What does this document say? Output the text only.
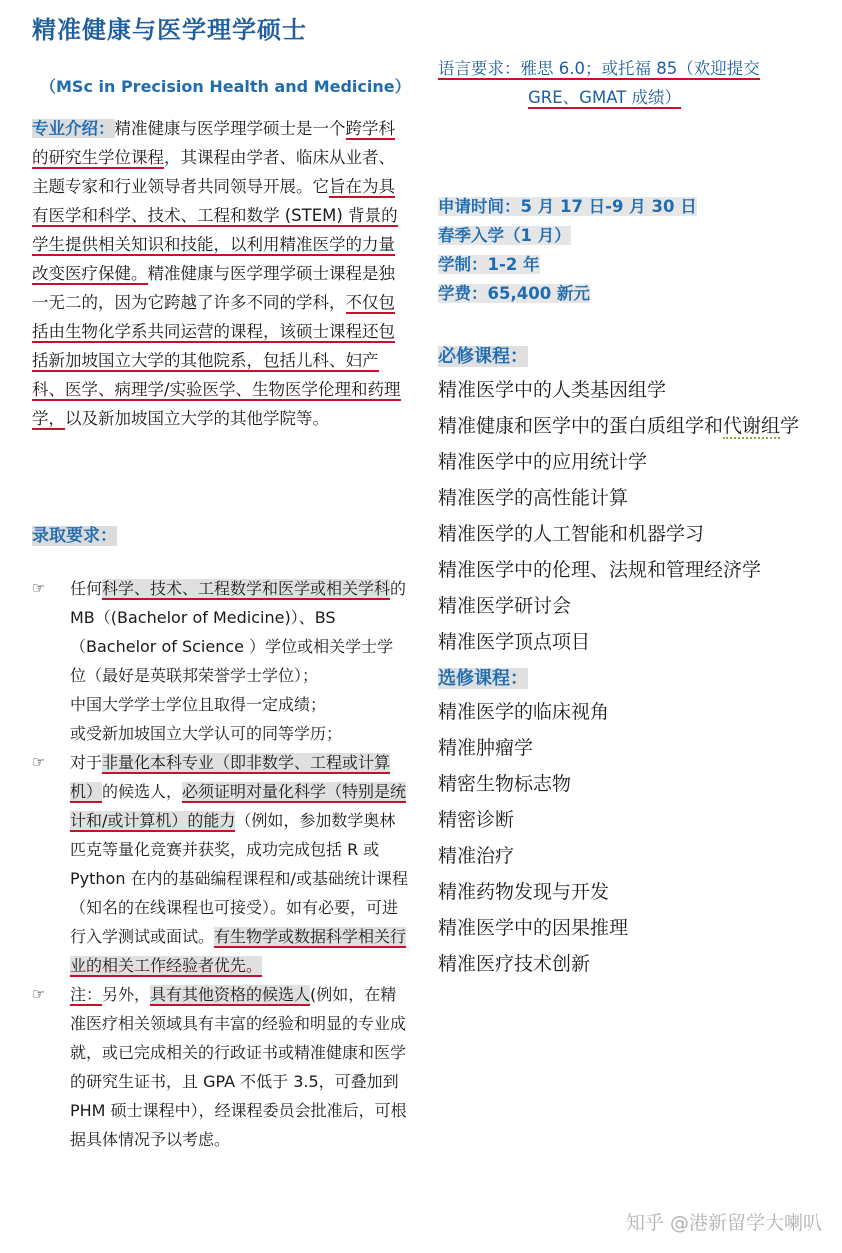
精准健康与医学理学硕士
（MSc in Precision Health and Medicine）
专业介绍：精准健康与医学理学硕士是一个跨学科的研究生学位课程，其课程由学者、临床从业者、主题专家和行业领导者共同领导开展。它旨在为具有医学和科学、技术、工程和数学 (STEM) 背景的学生提供相关知识和技能，以利用精准医学的力量改变医疗保健。精准健康与医学理学硕士课程是独一无二的，因为它跨越了许多不同的学科，不仅包括由生物化学系共同运营的课程，该硕士课程还包括新加坡国立大学的其他院系，包括儿科、妇产科、医学、病理学/实验医学、生物医学伦理和药理学，以及新加坡国立大学的其他学院等。
录取要求：
☞ 任何科学、技术、工程数学和医学或相关学科的 MB（(Bachelor of Medicine)）、BS （Bachelor of Science ）学位或相关学士学位（最好是英联邦荣誉学士学位）；
中国大学学士学位且取得一定成绩；
或受新加坡国立大学认可的同等学历；
☞ 对于非量化本科专业（即非数学、工程或计算机）的候选人，必须证明对量化科学（特别是统计和/或计算机）的能力（例如，参加数学奥林匹克等量化竞赛并获奖，成功完成包括 R 或 Python 在内的基础编程课程和/或基础统计课程（知名的在线课程也可接受）。如有必要，可进行入学测试或面试。有生物学或数据科学相关行业的相关工作经验者优先。
☞ 注：另外，具有其他资格的候选人(例如，在精准医疗相关领域具有丰富的经验和明显的专业成就，或已完成相关的行政证书或精准健康和医学的研究生证书，且 GPA 不低于 3.5，可叠加到 PHM 硕士课程中），经课程委员会批准后，可根据具体情况予以考虑。
语言要求：雅思 6.0；或托福 85（欢迎提交
GRE、GMAT 成绩）
申请时间：5 月 17 日-9 月 30 日
春季入学（1 月）
学制：1-2 年
学费：65,400 新元
必修课程：
精准医学中的人类基因组学
精准健康和医学中的蛋白质组学和代谢组学
精准医学中的应用统计学
精准医学的高性能计算
精准医学的人工智能和机器学习
精准医学中的伦理、法规和管理经济学
精准医学研讨会
精准医学顶点项目
选修课程：
精准医学的临床视角
精准肿瘤学
精密生物标志物
精密诊断
精准治疗
精准药物发现与开发
精准医学中的因果推理
精准医疗技术创新
知乎 @港新留学大喇叭
